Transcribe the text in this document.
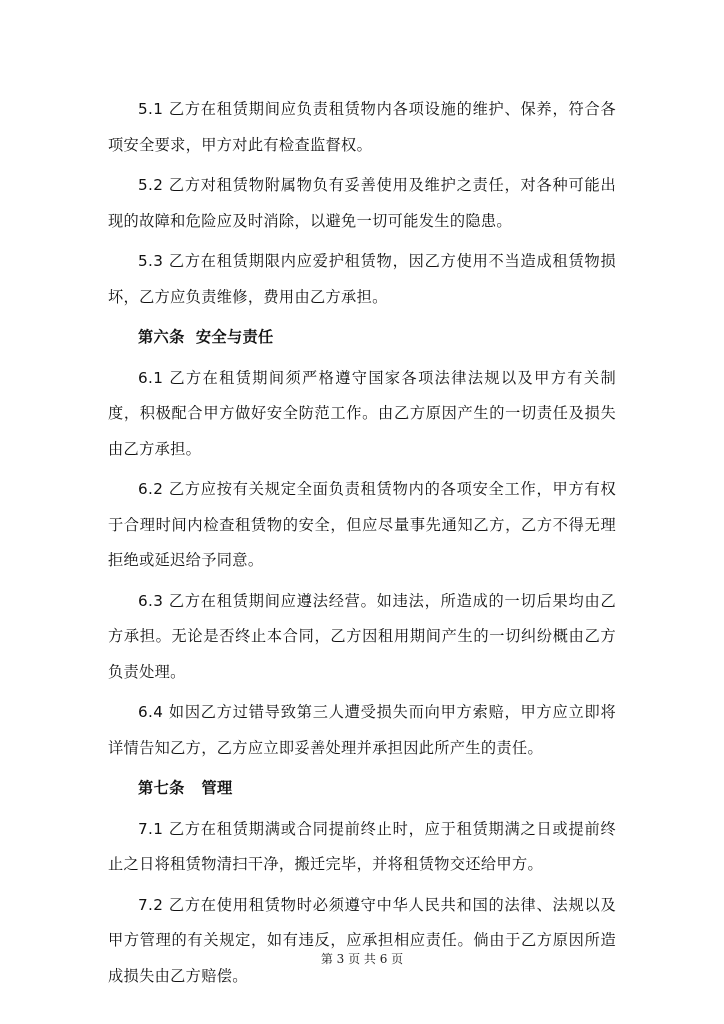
5.1 乙方在租赁期间应负责租赁物内各项设施的维护、保养，符合各项安全要求，甲方对此有检查监督权。

5.2 乙方对租赁物附属物负有妥善使用及维护之责任，对各种可能出现的故障和危险应及时消除，以避免一切可能发生的隐患。

5.3 乙方在租赁期限内应爱护租赁物，因乙方使用不当造成租赁物损坏，乙方应负责维修，费用由乙方承担。

第六条  安全与责任

6.1 乙方在租赁期间须严格遵守国家各项法律法规以及甲方有关制度，积极配合甲方做好安全防范工作。由乙方原因产生的一切责任及损失由乙方承担。

6.2 乙方应按有关规定全面负责租赁物内的各项安全工作，甲方有权于合理时间内检查租赁物的安全，但应尽量事先通知乙方，乙方不得无理拒绝或延迟给予同意。

6.3 乙方在租赁期间应遵法经营。如违法，所造成的一切后果均由乙方承担。无论是否终止本合同，乙方因租用期间产生的一切纠纷概由乙方负责处理。

6.4 如因乙方过错导致第三人遭受损失而向甲方索赔，甲方应立即将详情告知乙方，乙方应立即妥善处理并承担因此所产生的责任。

第七条   管理

7.1 乙方在租赁期满或合同提前终止时，应于租赁期满之日或提前终止之日将租赁物清扫干净，搬迁完毕，并将租赁物交还给甲方。

7.2 乙方在使用租赁物时必须遵守中华人民共和国的法律、法规以及甲方管理的有关规定，如有违反，应承担相应责任。倘由于乙方原因所造成损失由乙方赔偿。

第 3 页 共 6 页
